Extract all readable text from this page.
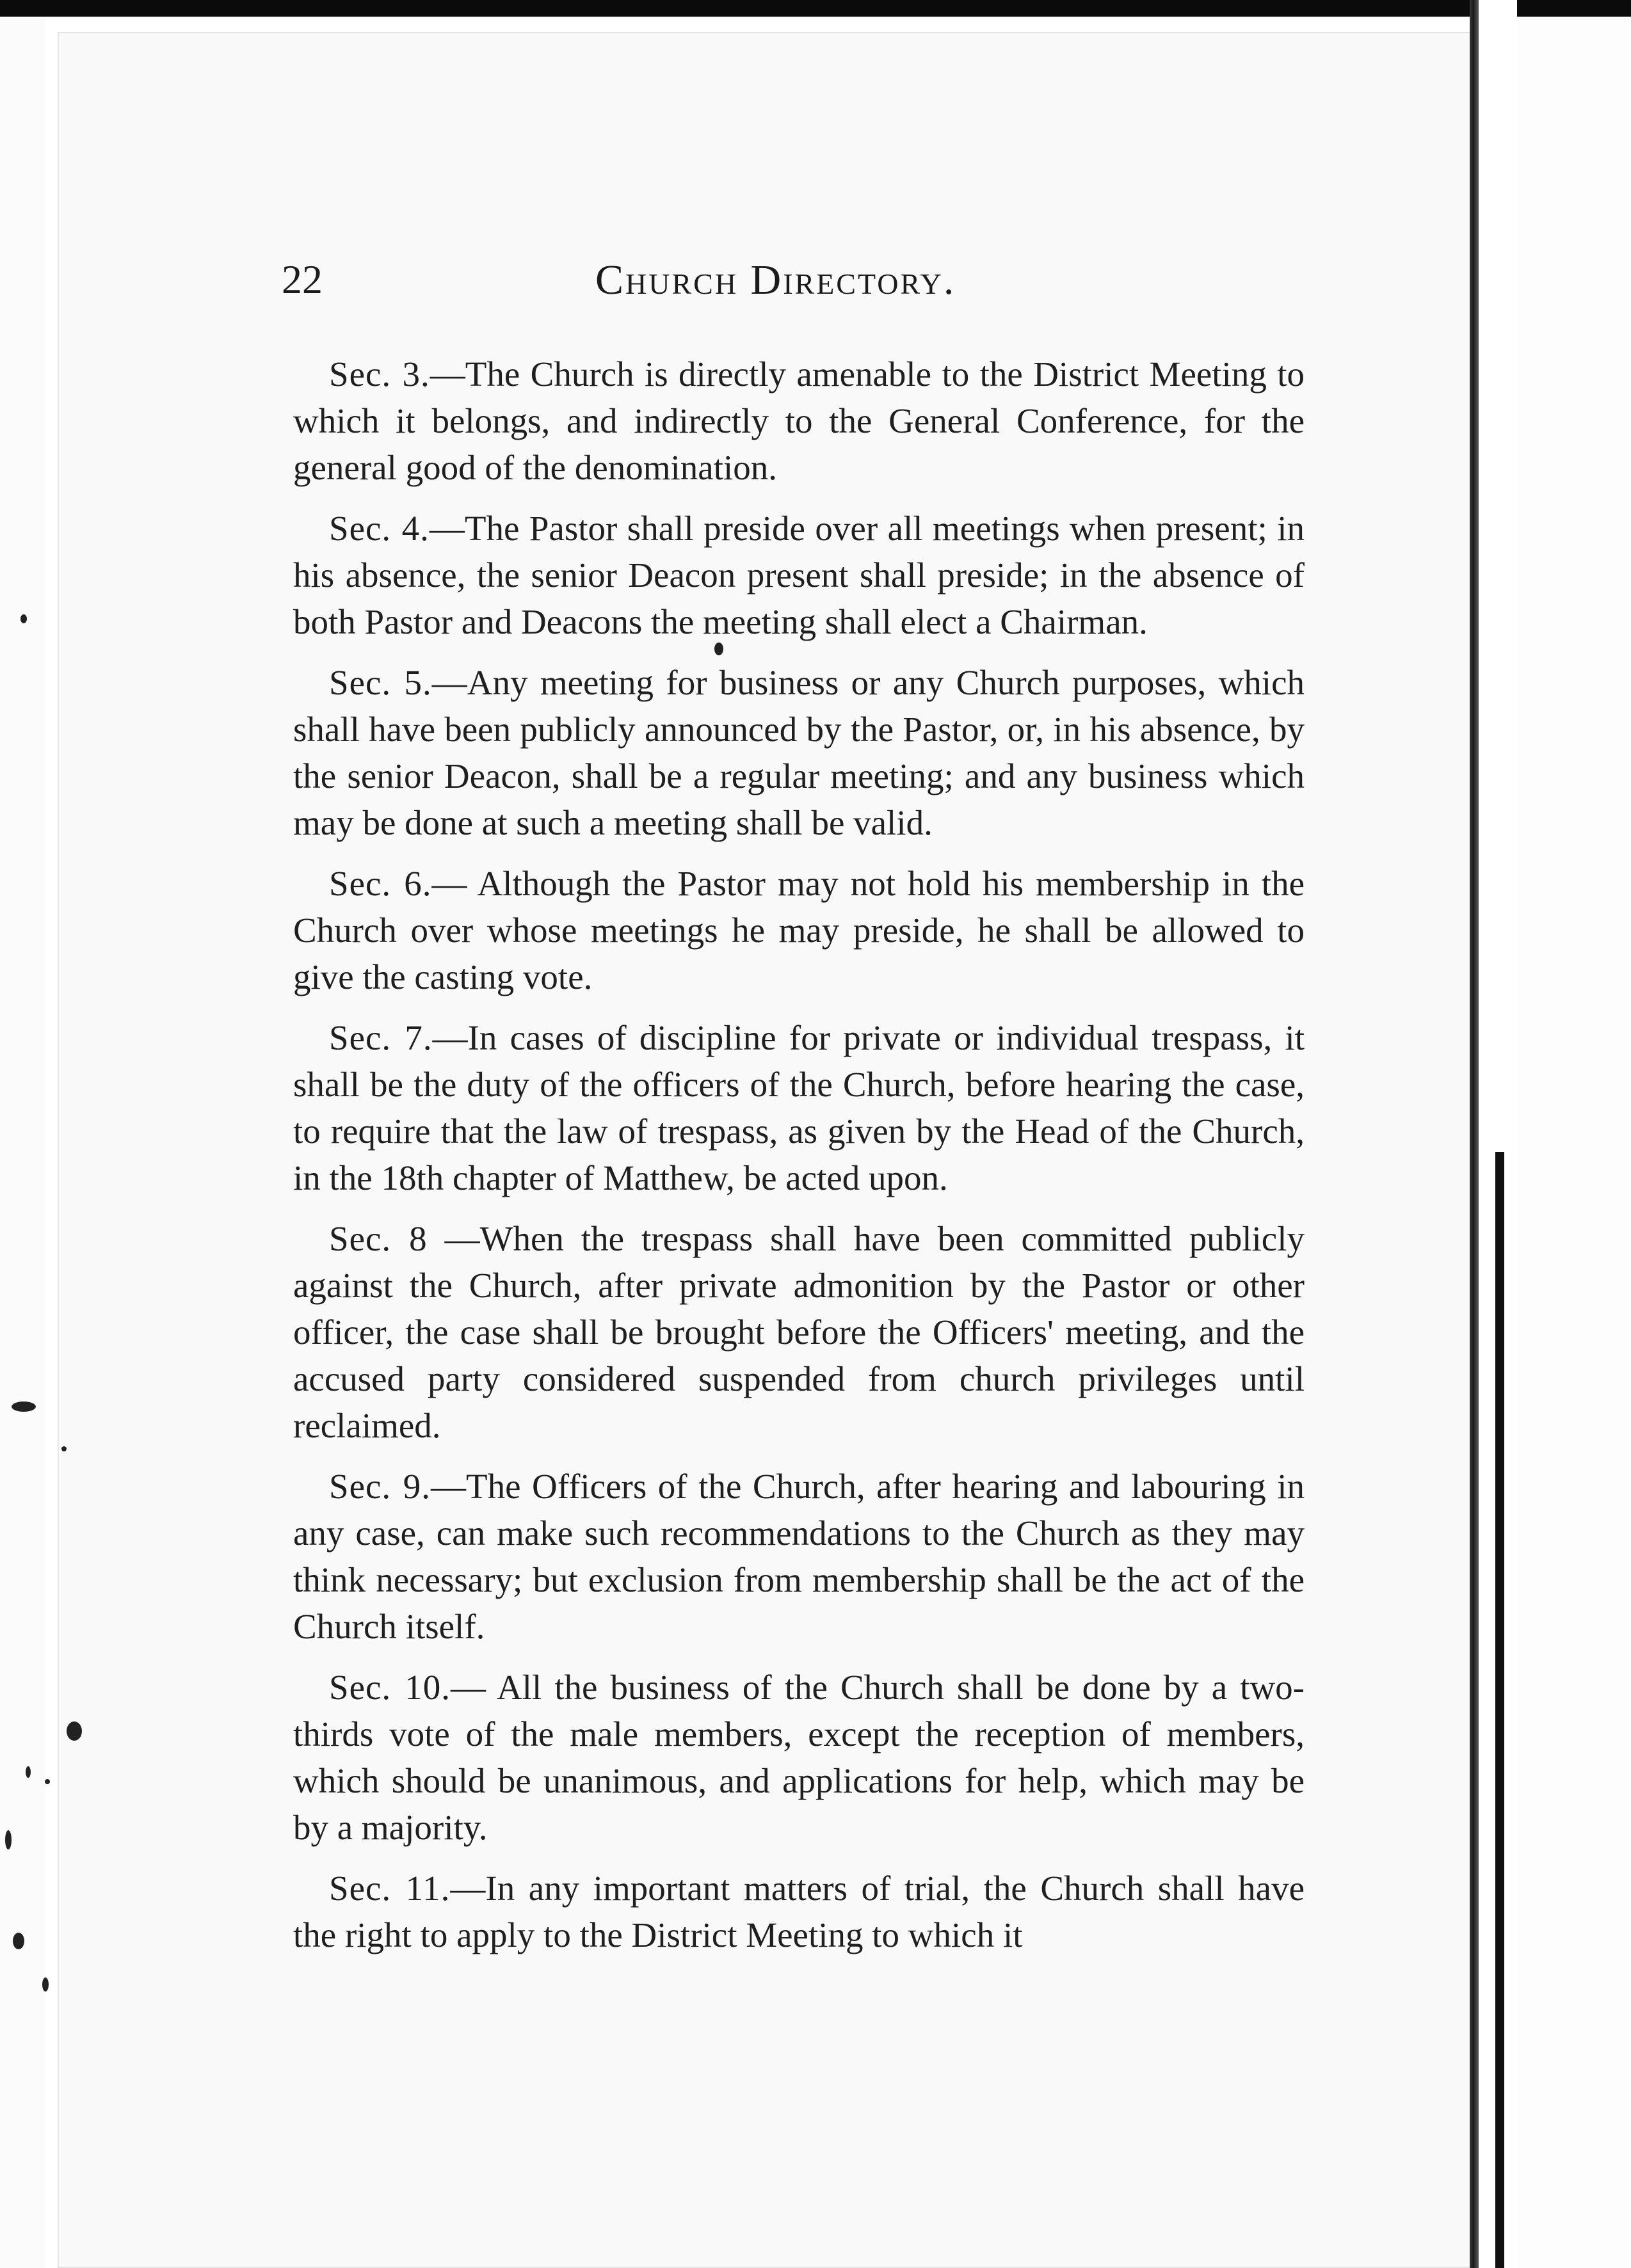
22	Church Directory.

Sec. 3.—The Church is directly amenable to the District Meeting to which it belongs, and indirectly to the General Conference, for the general good of the denomination.

Sec. 4.—The Pastor shall preside over all meetings when present; in his absence, the senior Deacon present shall preside; in the absence of both Pastor and Deacons the meeting shall elect a Chairman.

Sec. 5.—Any meeting for business or any Church purposes, which shall have been publicly announced by the Pastor, or, in his absence, by the senior Deacon, shall be a regular meeting; and any business which may be done at such a meeting shall be valid.

Sec. 6.— Although the Pastor may not hold his membership in the Church over whose meetings he may preside, he shall be allowed to give the casting vote.

Sec. 7.—In cases of discipline for private or individual trespass, it shall be the duty of the officers of the Church, before hearing the case, to require that the law of trespass, as given by the Head of the Church, in the 18th chapter of Matthew, be acted upon.

Sec. 8 —When the trespass shall have been committed publicly against the Church, after private admonition by the Pastor or other officer, the case shall be brought before the Officers' meeting, and the accused party considered suspended from church privileges until reclaimed.

Sec. 9.—The Officers of the Church, after hearing and labouring in any case, can make such recommendations to the Church as they may think necessary; but exclusion from membership shall be the act of the Church itself.

Sec. 10.— All the business of the Church shall be done by a two-thirds vote of the male members, except the reception of members, which should be unanimous, and applications for help, which may be by a majority.

Sec. 11.—In any important matters of trial, the Church shall have the right to apply to the District Meeting to which it
